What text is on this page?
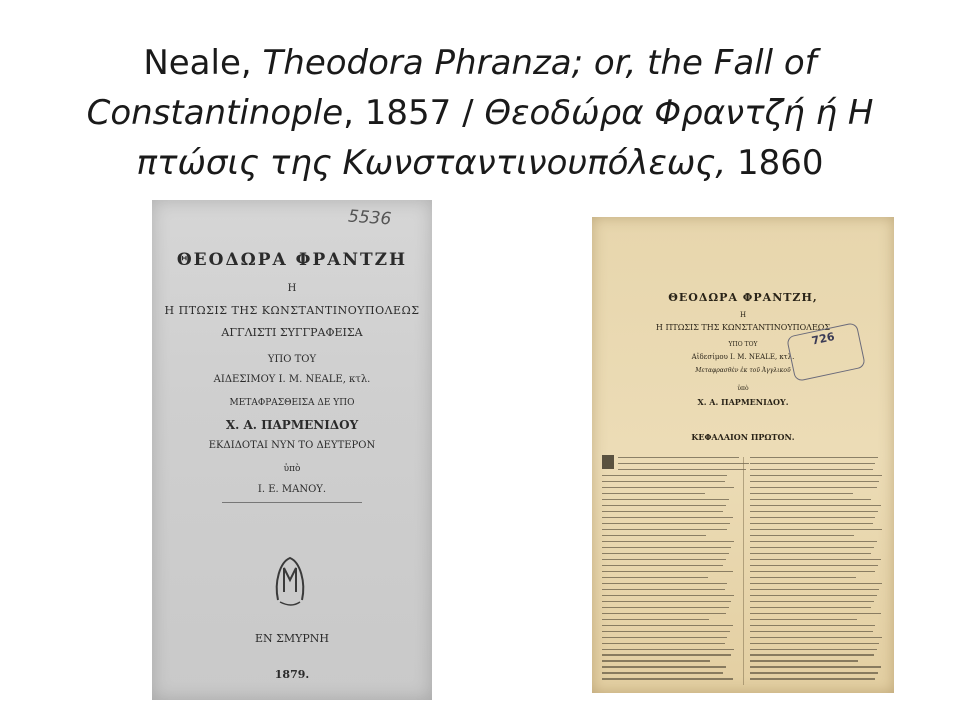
Neale, Theodora Phranza; or, the Fall of Constantinople, 1857 / Θεοδώρα Φραντζή ή Η πτώσις της Κωνσταντινουπόλεως, 1860
5536
ΘΕΟΔΩΡΑ ΦΡΑΝΤΖΗ
Η
Η ΠΤΩΣΙΣ ΤΗΣ ΚΩΝΣΤΑΝΤΙΝΟΥΠΟΛΕΩΣ
ΑΓΓΛΙΣΤΙ ΣΥΓΓΡΑΦΕΙΣΑ
ΥΠΟ ΤΟΥ
ΑΙΔΕΣΙΜΟΥ Ι. Μ. NEALE, κτλ.
ΜΕΤΑΦΡΑΣΘΕΙΣΑ ΔΕ ΥΠΟ
Χ. Α. ΠΑΡΜΕΝΙΔΟΥ
ΕΚΔΙΔΟΤΑΙ ΝΥΝ ΤΟ ΔΕΥΤΕΡΟΝ
ὑπὸ
Ι. Ε. ΜΑΝΟΥ.
ΕΝ ΣΜΥΡΝΗ
1879.
ΘΕΟΔΩΡΑ ΦΡΑΝΤΖΗ,
Η
Η ΠΤΩΣΙΣ ΤΗΣ ΚΩΝΣΤΑΝΤΙΝΟΥΠΟΛΕΩΣ
ΥΠΟ ΤΟΥ
Αἰδεσίμου Ι. Μ. NEALE, κτλ.
Μεταφρασθὲν ἐκ τοῦ Ἀγγλικοῦ
ὑπὸ
Χ. Α. ΠΑΡΜΕΝΙΔΟΥ.
726
ΚΕΦΑΛΑΙΟΝ ΠΡΩΤΟΝ.
